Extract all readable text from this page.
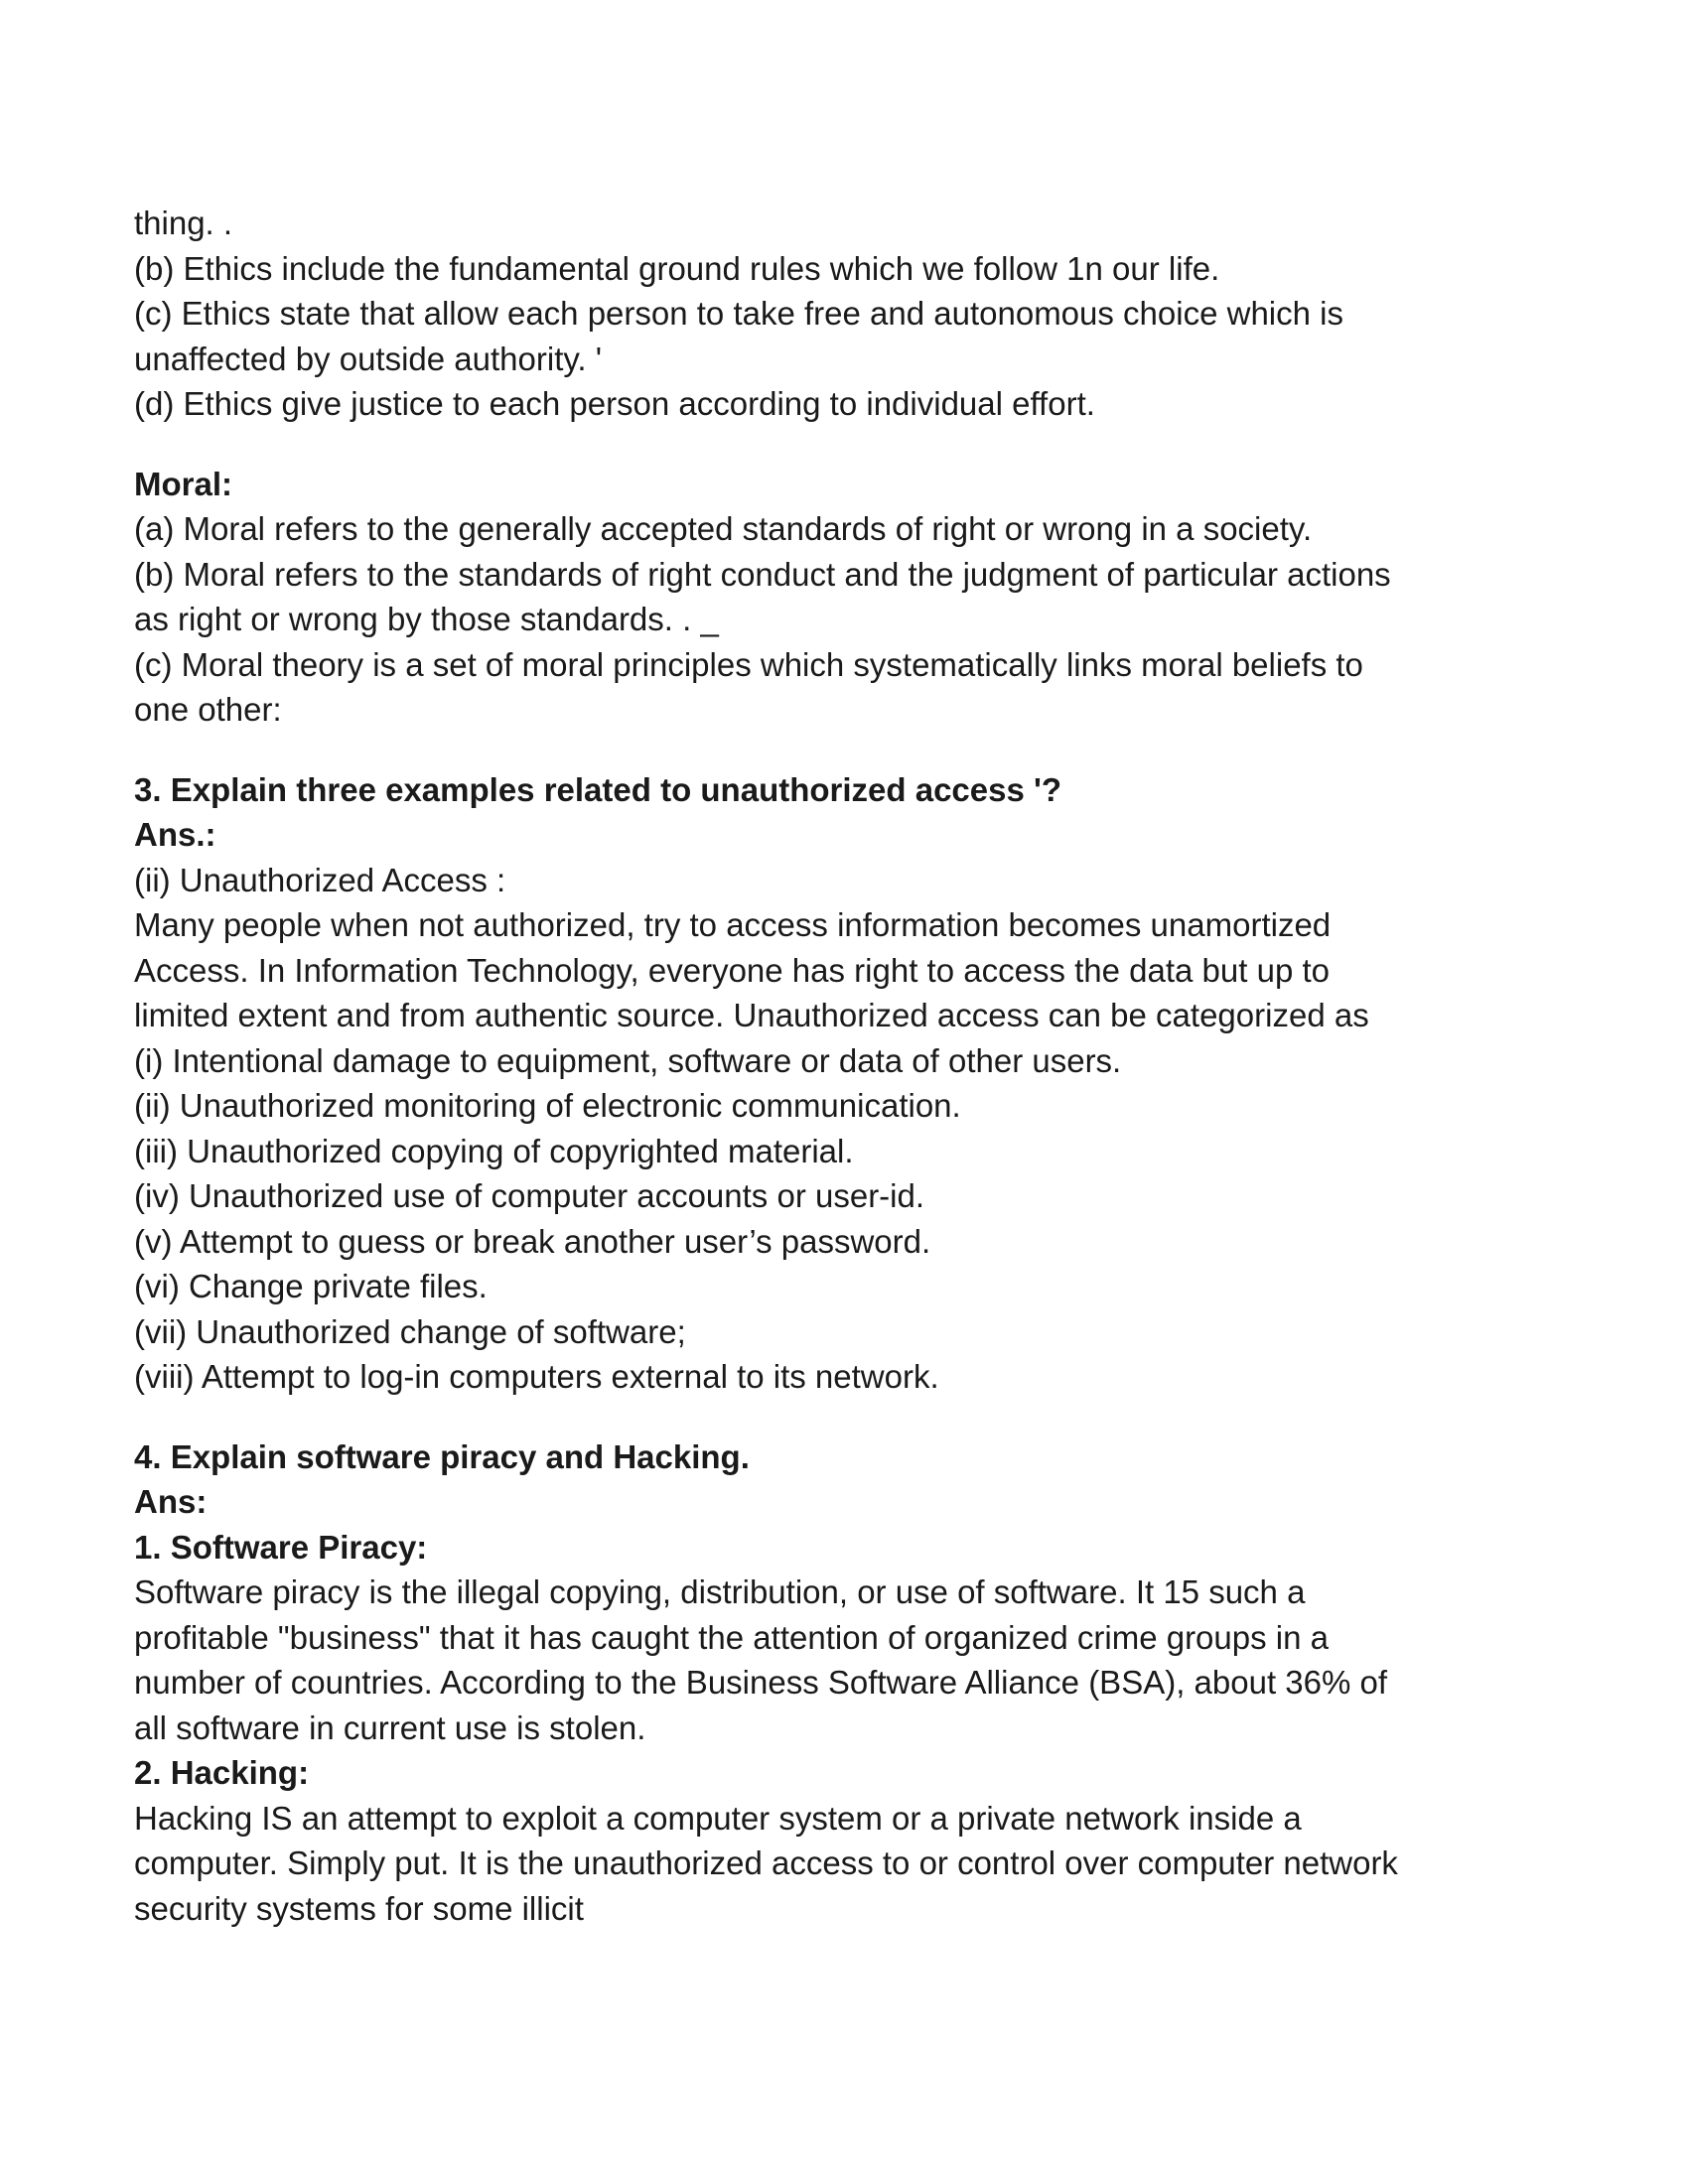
thing. .
(b) Ethics include the fundamental ground rules which we follow 1n our life.
(c) Ethics state that allow each person to take free and autonomous choice which is
unaffected by outside authority. '
(d) Ethics give justice to each person according to individual effort.
Moral:
(a) Moral refers to the generally accepted standards of right or wrong in a society.
(b) Moral refers to the standards of right conduct and the judgment of particular actions
as right or wrong by those standards. . _
(c) Moral theory is a set of moral principles which systematically links moral beliefs to
one other:
3. Explain three examples related to unauthorized access '?
Ans.:
(ii) Unauthorized Access :
Many people when not authorized, try to access information becomes unamortized
Access. In Information Technology, everyone has right to access the data but up to
limited extent and from authentic source. Unauthorized access can be categorized as
(i) Intentional damage to equipment, software or data of other users.
(ii) Unauthorized monitoring of electronic communication.
(iii) Unauthorized copying of copyrighted material.
(iv) Unauthorized use of computer accounts or user-id.
(v) Attempt to guess or break another user’s password.
(vi) Change private files.
(vii) Unauthorized change of software;
(viii) Attempt to log-in computers external to its network.
4. Explain software piracy and Hacking.
Ans:
1. Software Piracy:
Software piracy is the illegal copying, distribution, or use of software. It 15 such a
profitable "business" that it has caught the attention of organized crime groups in a
number of countries. According to the Business Software Alliance (BSA), about 36% of
all software in current use is stolen.
2. Hacking:
Hacking IS an attempt to exploit a computer system or a private network inside a
computer. Simply put. It is the unauthorized access to or control over computer network
security systems for some illicit
